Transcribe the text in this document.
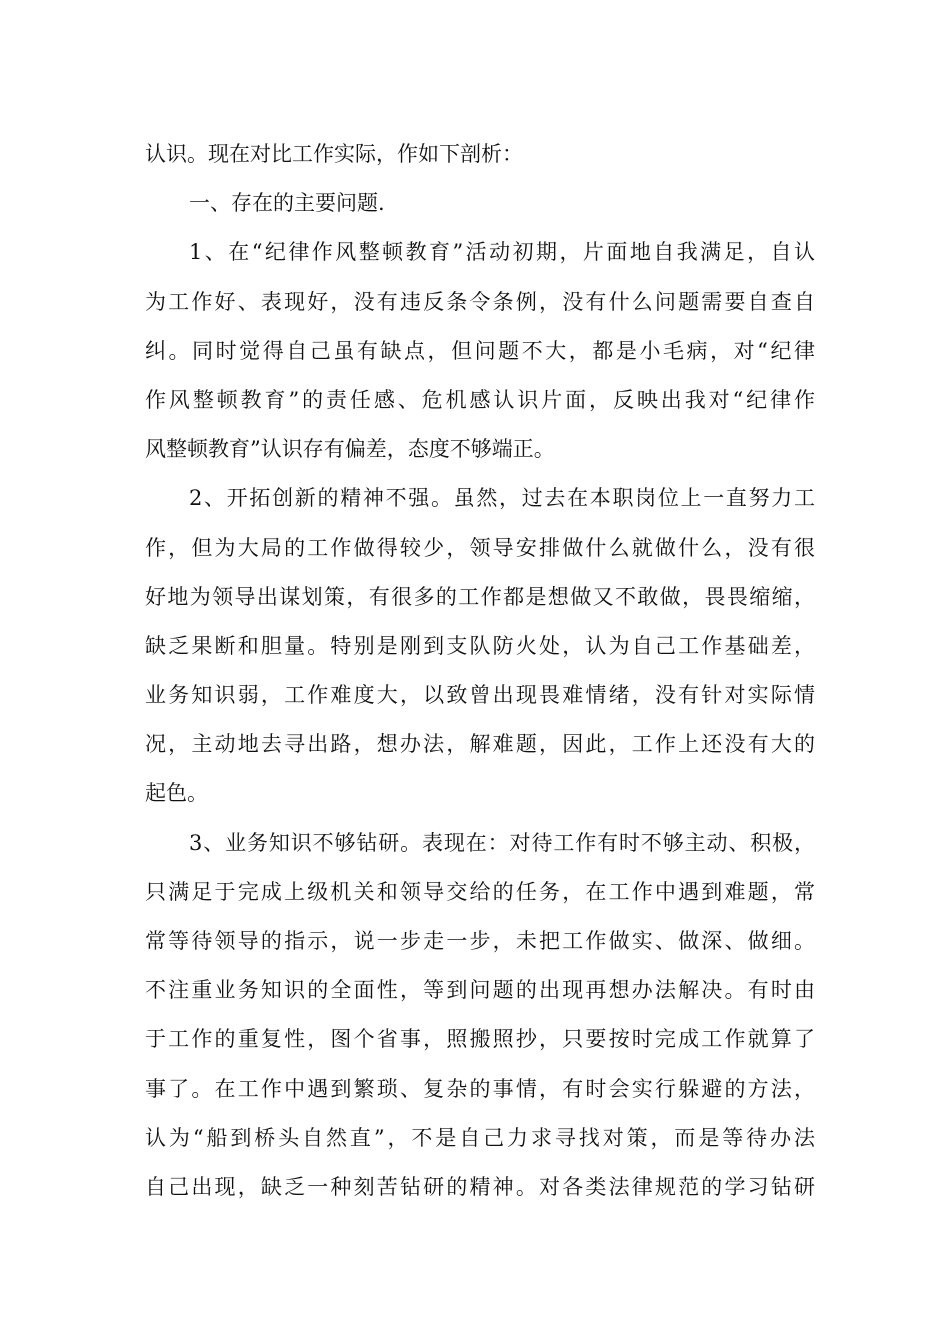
认识。现在对比工作实际，作如下剖析：
一、存在的主要问题.
1、在“纪律作风整顿教育”活动初期，片面地自我满足，自认
为工作好、表现好，没有违反条令条例，没有什么问题需要自查自
纠。同时觉得自己虽有缺点，但问题不大，都是小毛病，对“纪律
作风整顿教育”的责任感、危机感认识片面，反映出我对“纪律作
风整顿教育”认识存有偏差，态度不够端正。
2、开拓创新的精神不强。虽然，过去在本职岗位上一直努力工
作，但为大局的工作做得较少，领导安排做什么就做什么，没有很
好地为领导出谋划策，有很多的工作都是想做又不敢做，畏畏缩缩，
缺乏果断和胆量。特别是刚到支队防火处，认为自己工作基础差，
业务知识弱，工作难度大，以致曾出现畏难情绪，没有针对实际情
况，主动地去寻出路，想办法，解难题，因此，工作上还没有大的
起色。
3、业务知识不够钻研。表现在：对待工作有时不够主动、积极，
只满足于完成上级机关和领导交给的任务，在工作中遇到难题，常
常等待领导的指示，说一步走一步，未把工作做实、做深、做细。
不注重业务知识的全面性，等到问题的出现再想办法解决。有时由
于工作的重复性，图个省事，照搬照抄，只要按时完成工作就算了
事了。在工作中遇到繁琐、复杂的事情，有时会实行躲避的方法，
认为“船到桥头自然直”，不是自己力求寻找对策，而是等待办法
自己出现，缺乏一种刻苦钻研的精神。对各类法律规范的学习钻研
